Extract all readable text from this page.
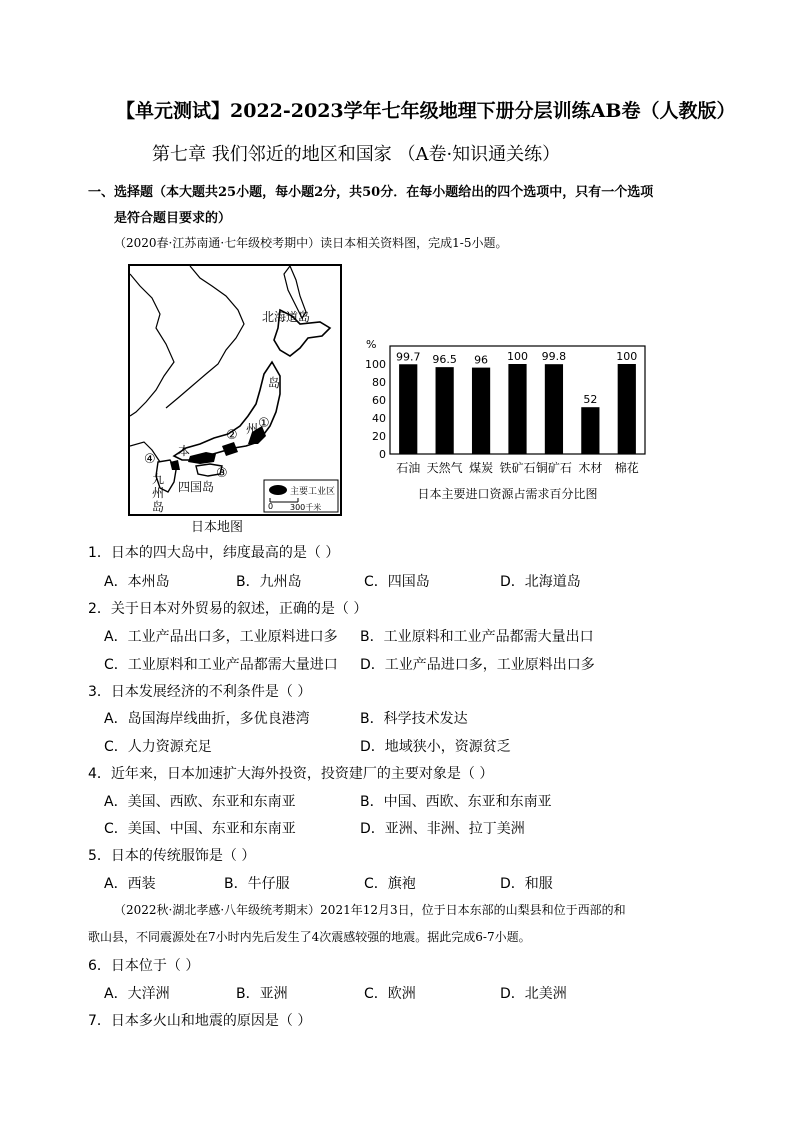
【单元测试】2022-2023学年七年级地理下册分层训练AB卷（人教版）
第七章 我们邻近的地区和国家 （A卷·知识通关练）
一、选择题（本大题共25小题，每小题2分，共50分．在每小题给出的四个选项中，只有一个选项
是符合题目要求的）
（2020春·江苏南通·七年级校考期中）读日本相关资料图，完成1-5小题。
北海道岛
岛
州
本
①
②
③
④
四国岛
九
州
岛
主要工业区
0 300千米
日本地图
%
100
80
60
40
20
0
99.7
石油
96.5
天然气
96
煤炭
100
铁矿石
99.8
铜矿石
52
木材
100
棉花
日本主要进口资源占需求百分比图
1．日本的四大岛中，纬度最高的是（ ）
A．本州岛	B．九州岛	C．四国岛	D．北海道岛
2．关于日本对外贸易的叙述，正确的是（ ）
A．工业产品出口多，工业原料进口多 B．工业原料和工业产品都需大量出口
C．工业原料和工业产品都需大量进口 D．工业产品进口多，工业原料出口多
3．日本发展经济的不利条件是（ ）
A．岛国海岸线曲折，多优良港湾	B．科学技术发达
C．人力资源充足	D．地域狭小，资源贫乏
4．近年来，日本加速扩大海外投资，投资建厂的主要对象是（ ）
A．美国、西欧、东亚和东南亚	B．中国、西欧、东亚和东南亚
C．美国、中国、东亚和东南亚	D．亚洲、非洲、拉丁美洲
5．日本的传统服饰是（ ）
A．西装	B．牛仔服	C．旗袍	D．和服
（2022秋·湖北孝感·八年级统考期末）2021年12月3日，位于日本东部的山梨县和位于西部的和
歌山县，不同震源处在7小时内先后发生了4次震感较强的地震。据此完成6-7小题。
6．日本位于（ ）
A．大洋洲	B．亚洲	C．欧洲	D．北美洲
7．日本多火山和地震的原因是（ ）
